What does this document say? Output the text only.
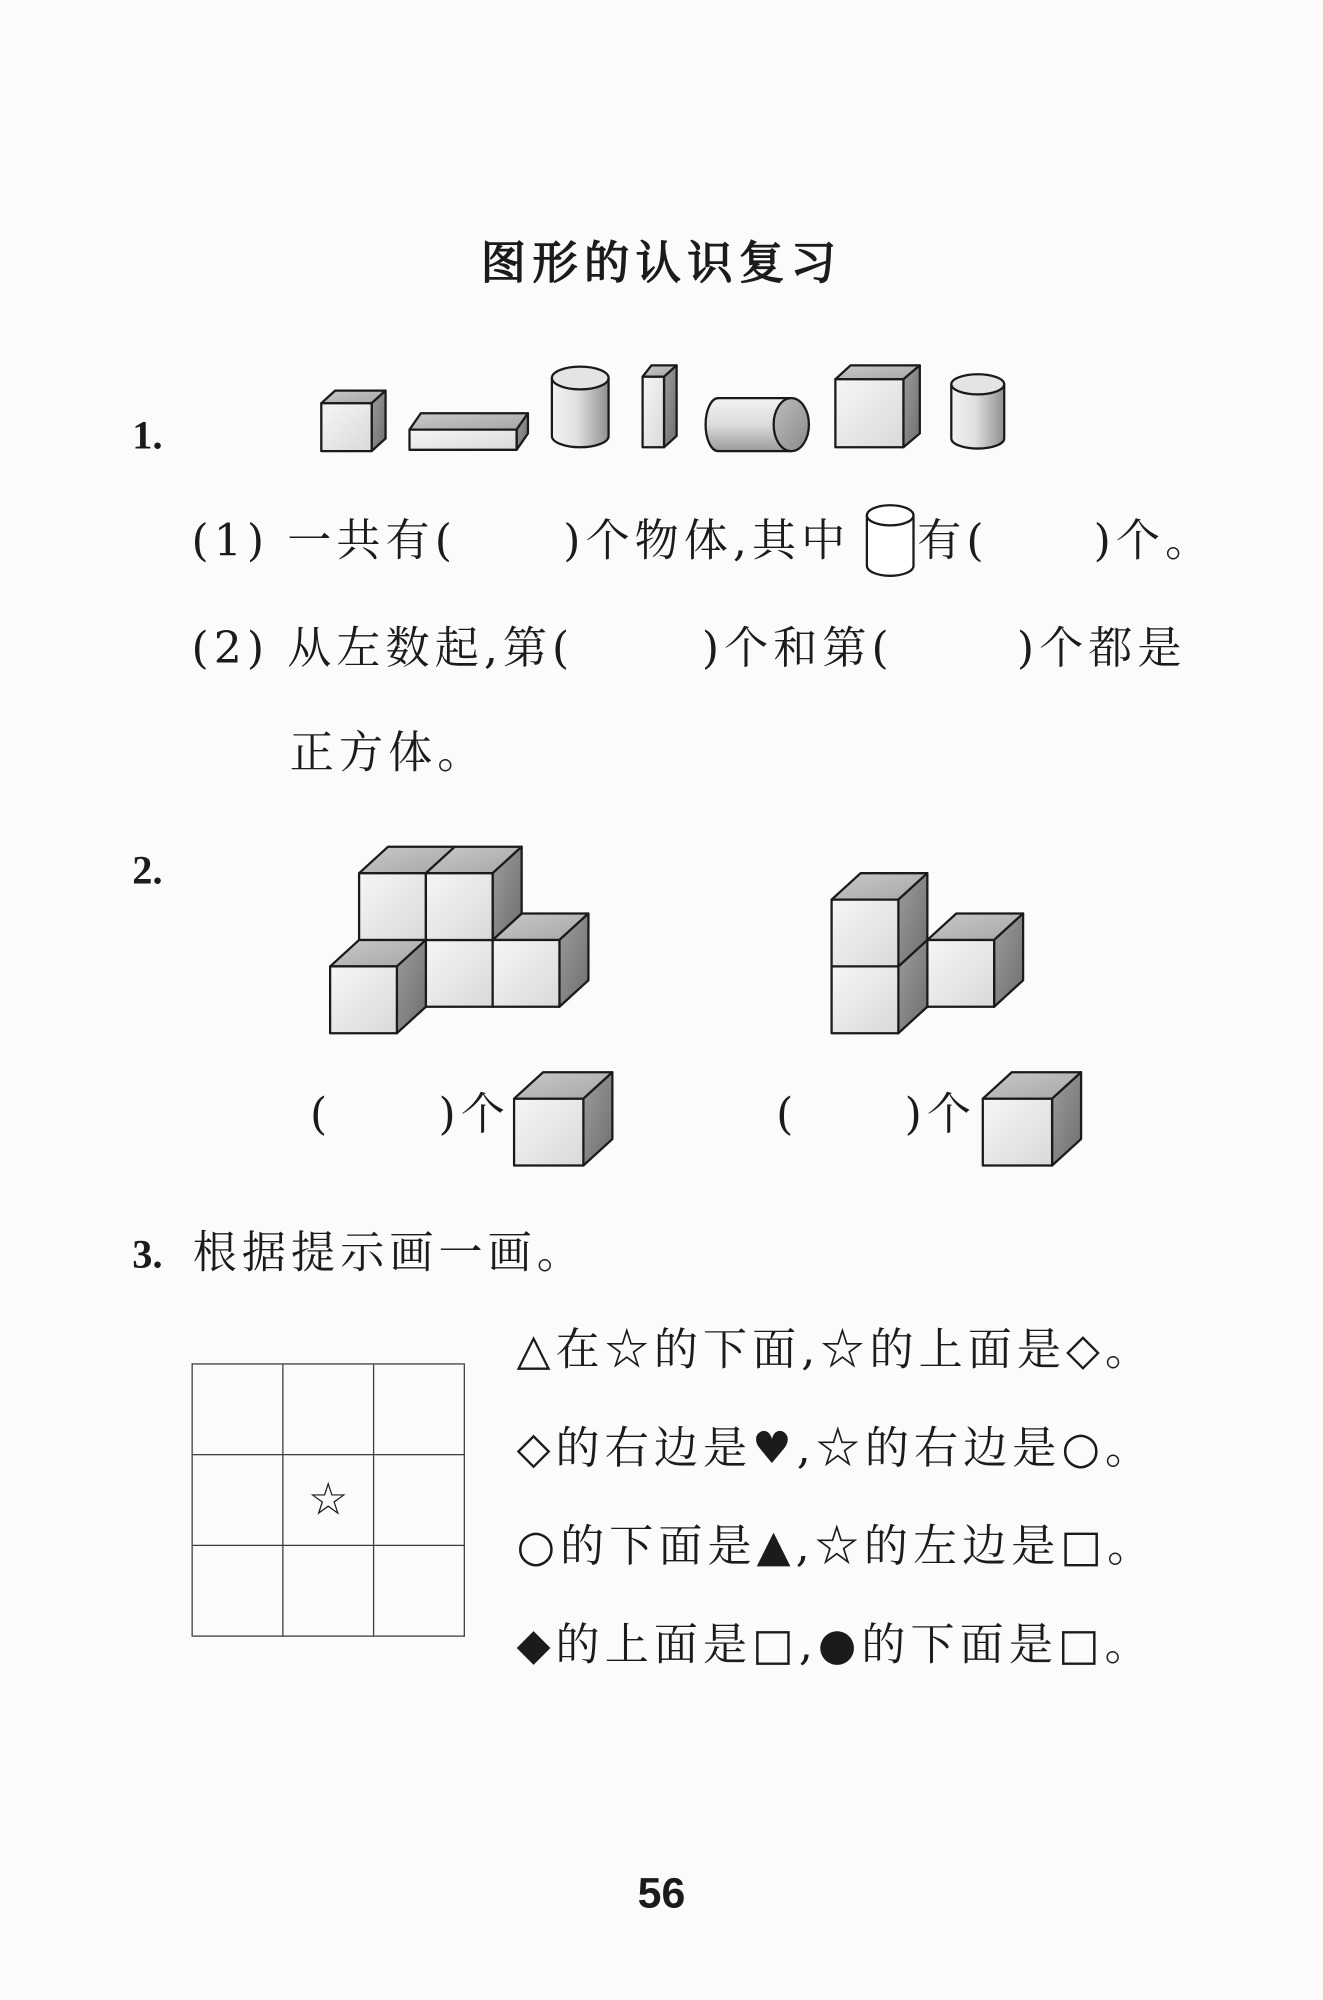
图形的认识复习
1.
(1) 一共有(	)个物体,其中 有(	)个。
(2) 从左数起,第(	)个和第(	)个都是
正方体。
2.
(	)个	(	)个
3. 根据提示画一画。
☆
△在☆的下面,☆的上面是◇。
◇的右边是♥,☆的右边是○。
○的下面是▲,☆的左边是□。
◆的上面是□,●的下面是□。
56
